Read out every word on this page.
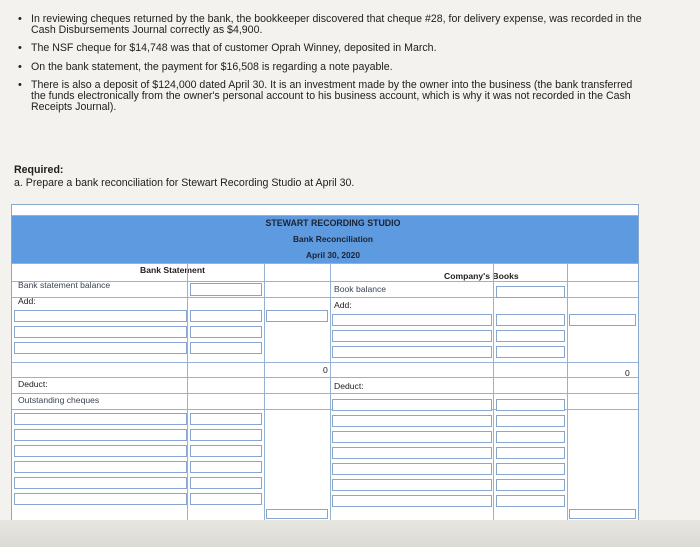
• In reviewing cheques returned by the bank, the bookkeeper discovered that cheque #28, for delivery expense, was recorded in the
Cash Disbursements Journal correctly as $4,900.
• The NSF cheque for $14,748 was that of customer Oprah Winney, deposited in March.
• On the bank statement, the payment for $16,508 is regarding a note payable.
• There is also a deposit of $124,000 dated April 30. It is an investment made by the owner into the business (the bank transferred
the funds electronically from the owner's personal account to his business account, which is why it was not recorded in the Cash
Receipts Journal).
Required:
a. Prepare a bank reconciliation for Stewart Recording Studio at April 30.
STEWART RECORDING STUDIO
Bank Reconciliation
April 30, 2020
Bank Statement
Company's Books
Bank statement balance
Add:
Deduct:
Outstanding cheques
Book balance
Add:
Deduct:
0	0
